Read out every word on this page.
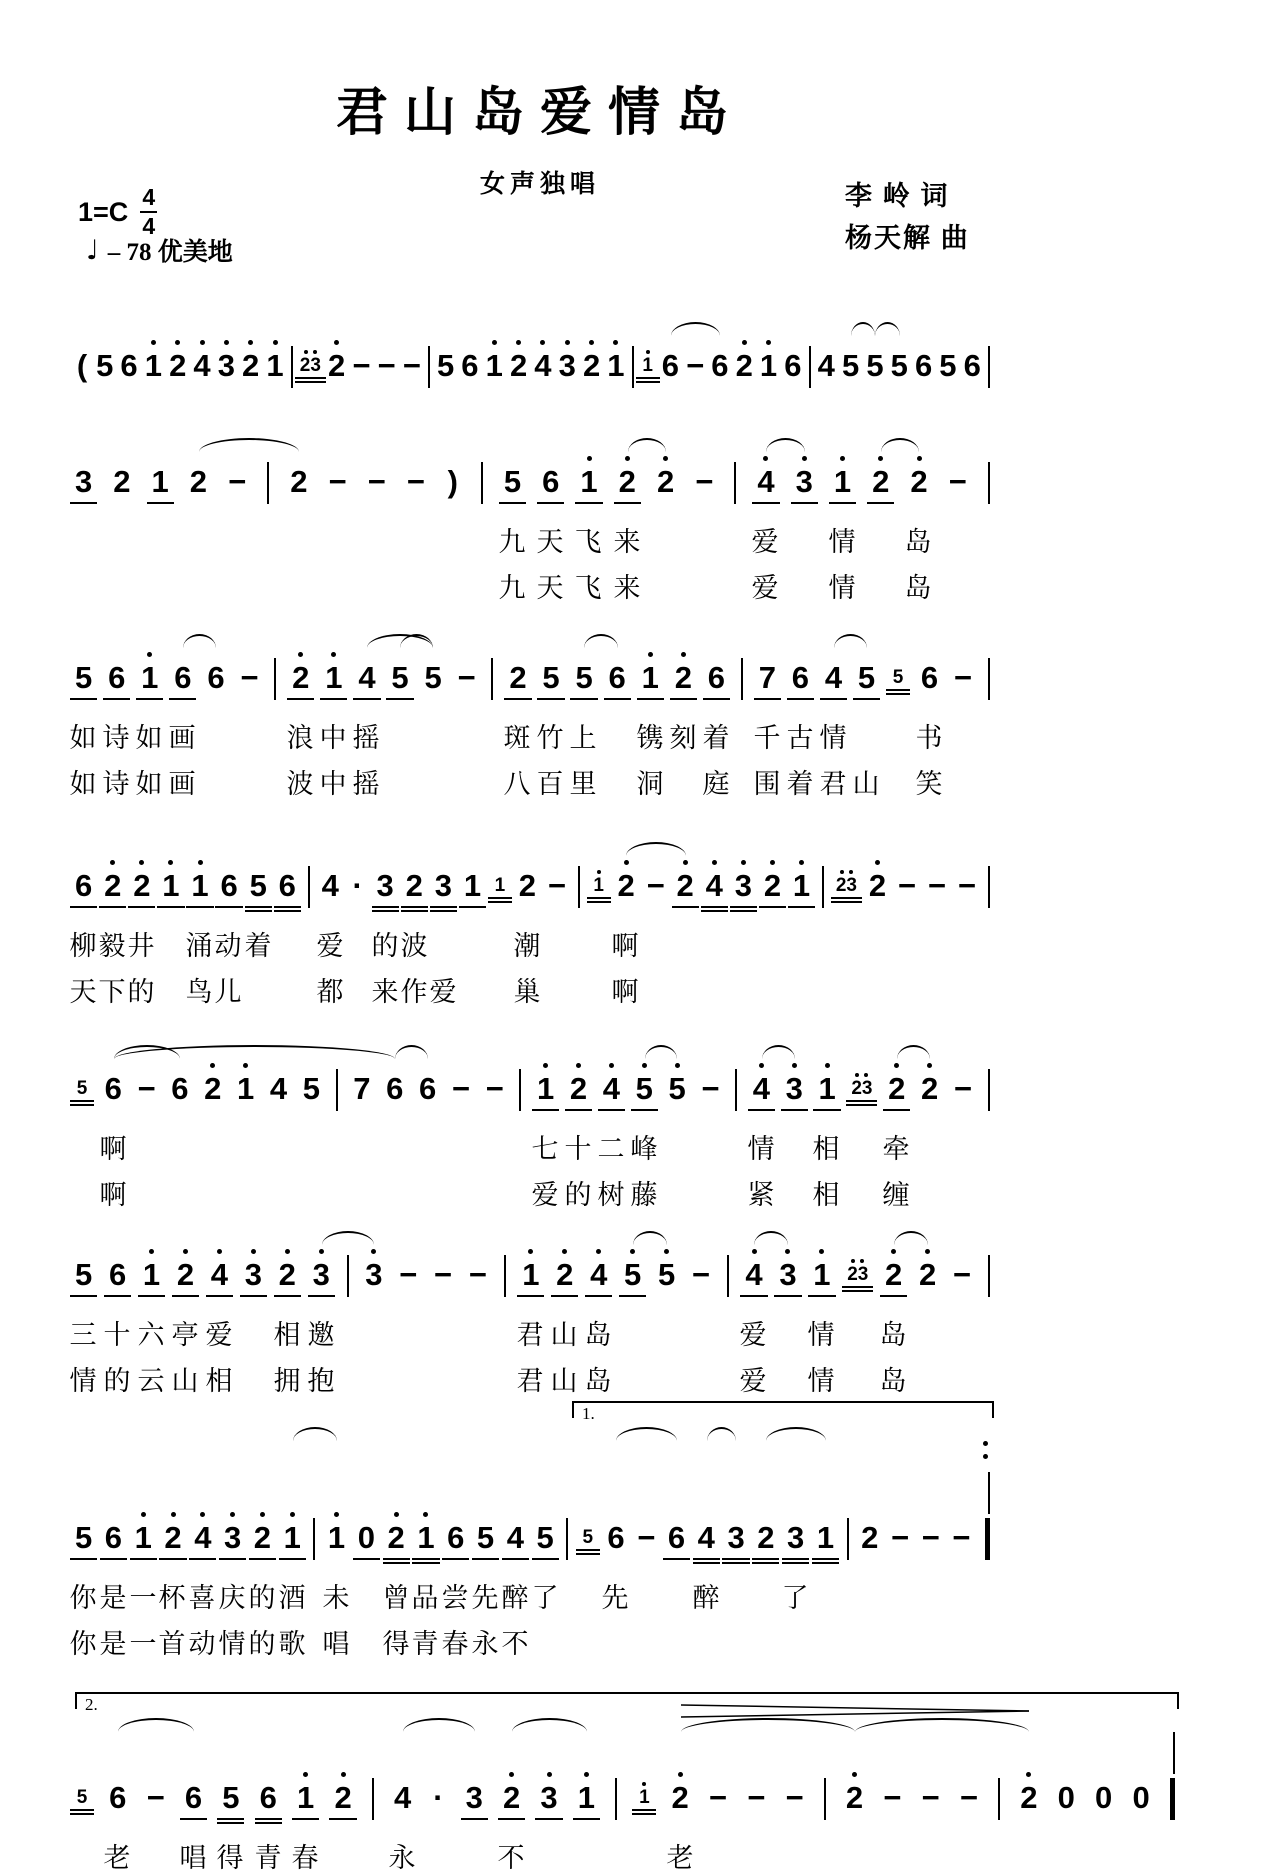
君山岛爱情岛
女声独唱
1=C 4
4
♩ – 78 优美地
李 岭 词
杨天解 曲
( 5 6 1 2 4 3 2 1 23 2 − − − 5 6 1 2 4 3 2 1 1 6 − 6 2 1 6 4 5 5 5 6 5 6
3 2 1 2 − 2 − − − ) 5 6 1 2 2 − 4 3 1 2 2 −
九 天 飞 来	爱 情 岛
九 天 飞 来	爱 情 岛
5 6 1 6 6 − 2 1 4 5 5 − 2 5 5 6 1 2 6 7 6 4 5 5 6 −
如 诗 如 画	浪 中 摇	斑 竹 上 镌 刻 着 千 古 情	书
如 诗 如 画	波 中 摇	八 百 里 洞 庭 围 着 君 山 笑
6 2 2 1 1 6 5 6 4 · 3 2 3 1 1 2 − 1 2 − 2 4 3 2 1 23 2 − − −
柳 毅 井 涌 动 着 爱 的 波	潮	啊
天 下 的 鸟 儿	都 来 作 爱 巢	啊
5 6 − 6 2 1 4 5 7 6 6 − − 1 2 4 5 5 − 4 3 1 23 2 2 −
啊	七 十 二 峰	情 相 牵
啊	爱 的 树 藤	紧 相 缠
5 6 1 2 4 3 2 3 3 − − − 1 2 4 5 5 − 4 3 1 23 2 2 −
三 十 六 亭 爱 相 邀	君 山 岛	爱 情 岛
情 的 云 山 相 拥 抱	君 山 岛	爱 情 岛
5 6 1 2 4 3 2 1 1 0 2 1 6 5 4 5 5 6 − 6 4 3 2 3 1 2 − − −
1.
你 是 一 杯 喜 庆 的 酒 未 曾 品 尝 先 醉 了 先 醉 了
你 是 一 首 动 情 的 歌 唱 得 青 春 永 不
5 6 − 6 5 6 1 2 4 · 3 2 3 1 1 2 − − − 2 − − − 2 0 0 0
2.
老 唱 得 青 春	永	不	老
